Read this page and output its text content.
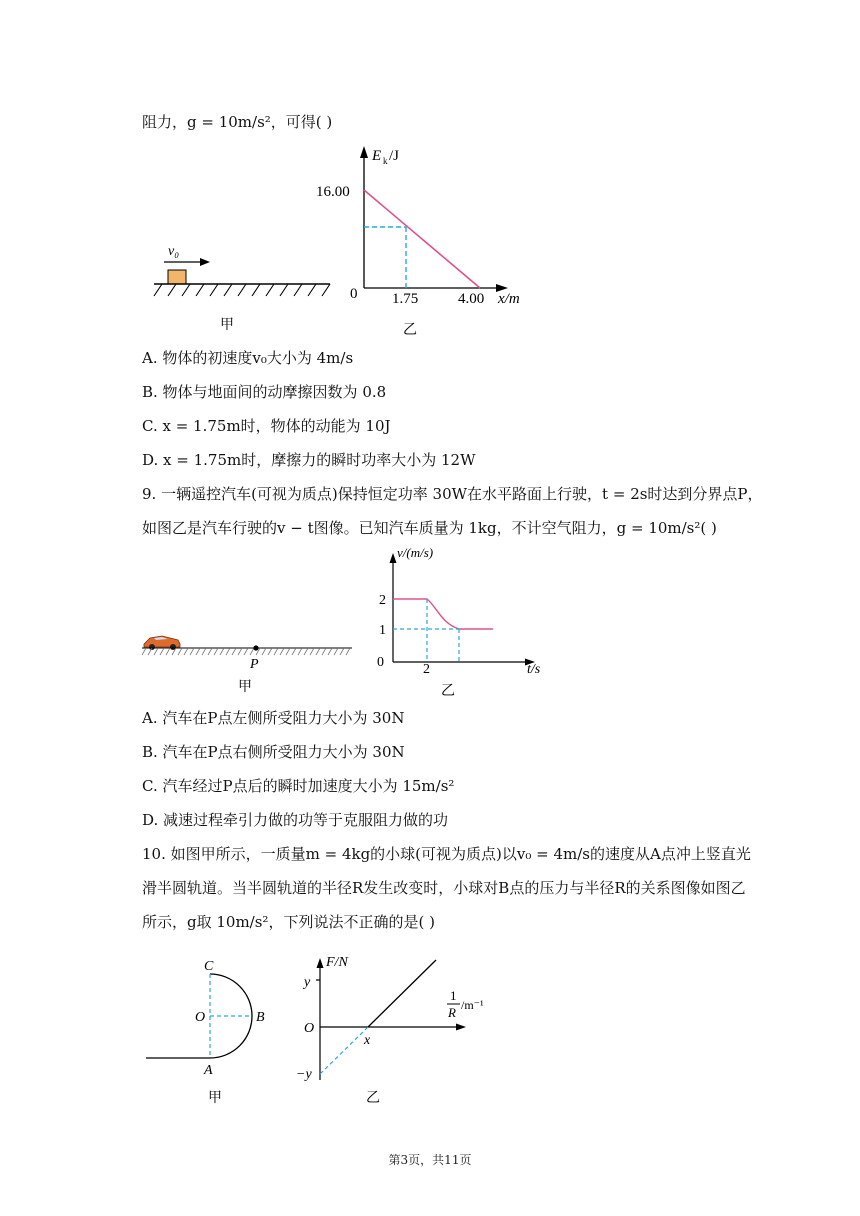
阻力，g = 10m/s²，可得( )
v₀
甲
E k /J
16.00
0 1.75	4.00 x/m
乙
A. 物体的初速度v₀大小为 4m/s
B. 物体与地面间的动摩擦因数为 0.8
C. x = 1.75m时，物体的动能为 10J
D. x = 1.75m时，摩擦力的瞬时功率大小为 12W
9. 一辆遥控汽车(可视为质点)保持恒定功率 30W在水平路面上行驶，t = 2s时达到分界点P，
如图乙是汽车行驶的v − t图像。已知汽车质量为 1kg，不计空气阻力，g = 10m/s²( )
P
甲
v/(m/s)
2
1
0	2	t/s
乙
A. 汽车在P点左侧所受阻力大小为 30N
B. 汽车在P点右侧所受阻力大小为 30N
C. 汽车经过P点后的瞬时加速度大小为 15m/s²
D. 减速过程牵引力做的功等于克服阻力做的功
10. 如图甲所示，一质量m = 4kg的小球(可视为质点)以v₀ = 4m/s的速度从A点冲上竖直光
滑半圆轨道。当半圆轨道的半径R发生改变时，小球对B点的压力与半径R的关系图像如图乙
所示，g取 10m/s²，下列说法不正确的是( )
C
O	B
A
甲
F/N
1
R /m⁻¹
y
−y
O
x
乙
第3页，共11页
